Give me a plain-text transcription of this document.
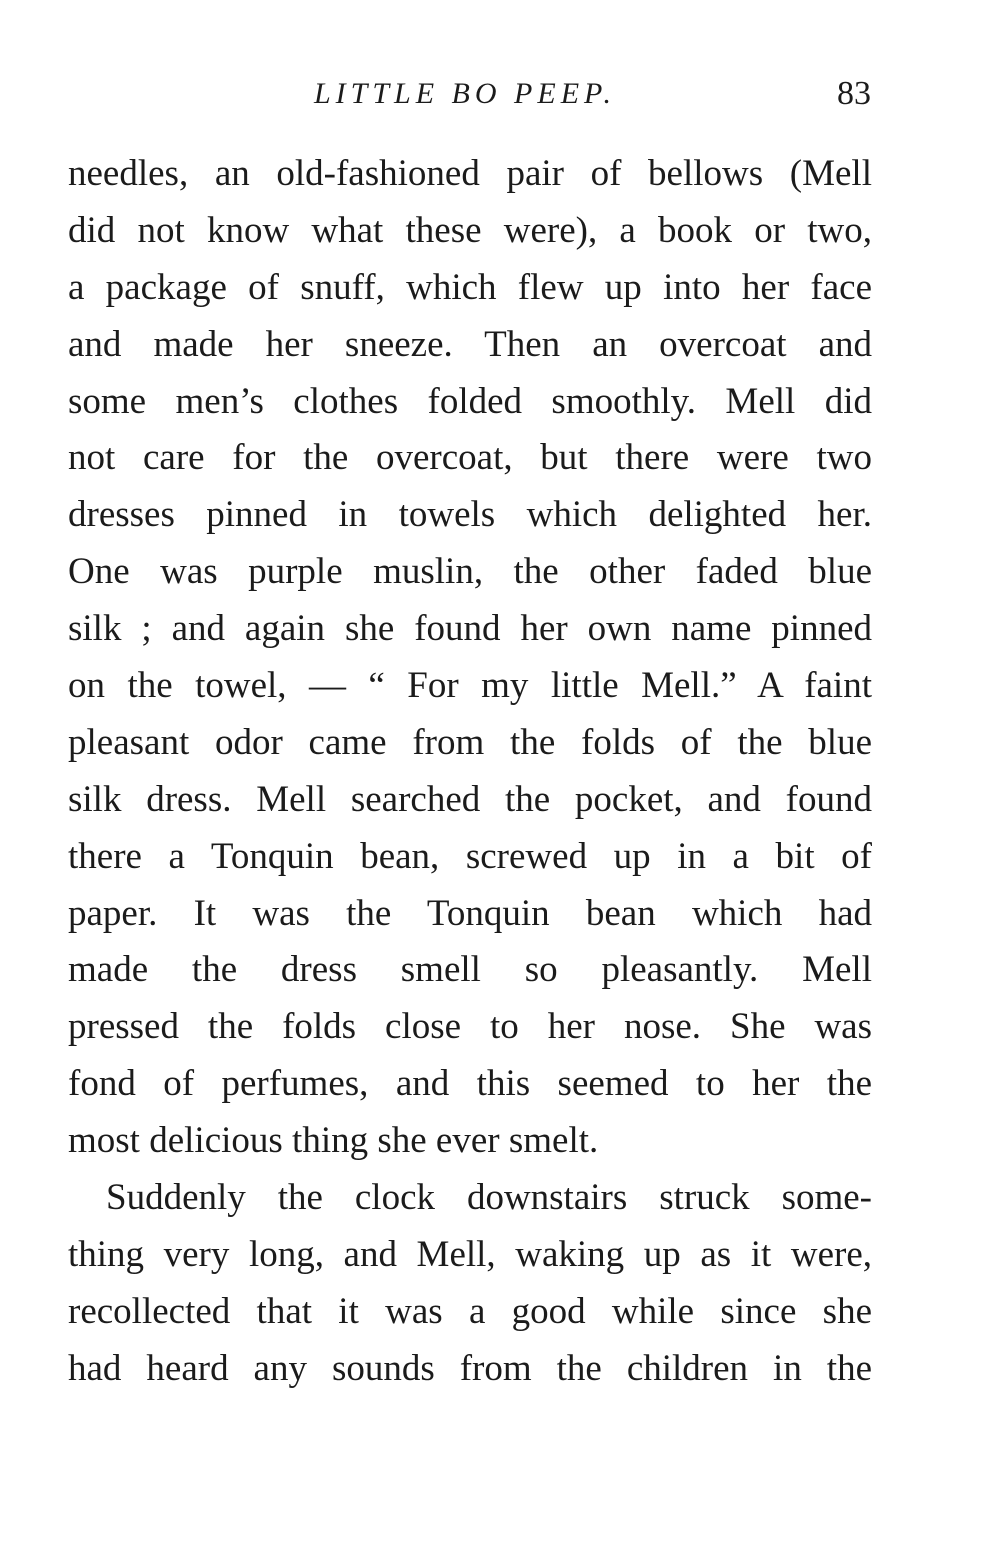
LITTLE BO PEEP.	83
needles, an old-fashioned pair of bellows (Mell
did not know what these were), a book or two,
a package of snuff, which flew up into her face
and made her sneeze. Then an overcoat and
some men’s clothes folded smoothly. Mell did
not care for the overcoat, but there were two
dresses pinned in towels which delighted her.
One was purple muslin, the other faded blue
silk ; and again she found her own name pinned
on the towel, — “ For my little Mell.” A faint
pleasant odor came from the folds of the blue
silk dress. Mell searched the pocket, and found
there a Tonquin bean, screwed up in a bit of
paper. It was the Tonquin bean which had
made the dress smell so pleasantly. Mell
pressed the folds close to her nose. She was
fond of perfumes, and this seemed to her the
most delicious thing she ever smelt.
Suddenly the clock downstairs struck some-
thing very long, and Mell, waking up as it were,
recollected that it was a good while since she
had heard any sounds from the children in the
